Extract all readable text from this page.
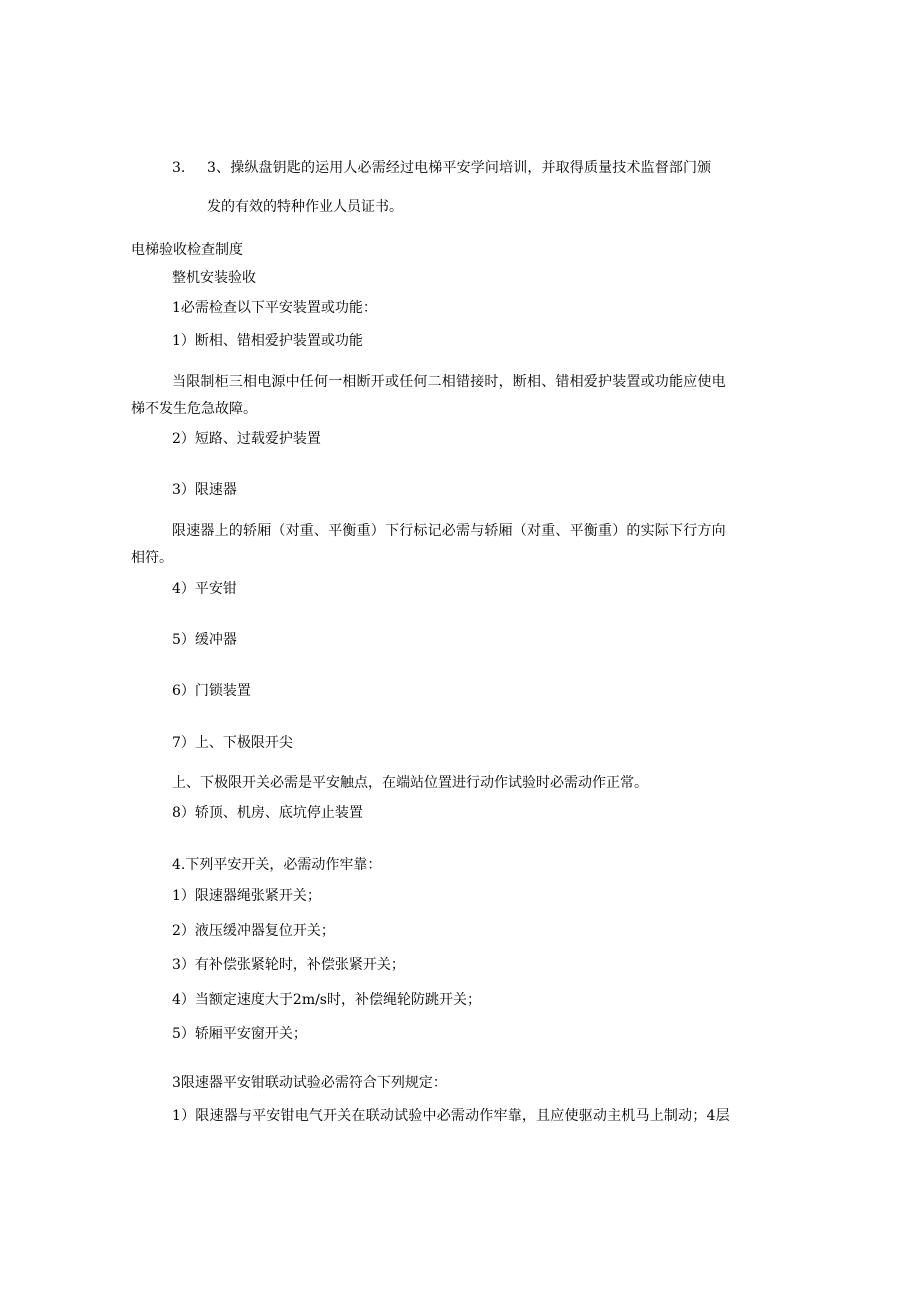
3. 3、操纵盘钥匙的运用人必需经过电梯平安学问培训，并取得质量技术监督部门颁
发的有效的特种作业人员证书。
电梯验收检查制度
整机安装验收
1必需检查以下平安装置或功能：
1）断相、错相爱护装置或功能
当限制柜三相电源中任何一相断开或任何二相错接时，断相、错相爱护装置或功能应使电
梯不发生危急故障。
2）短路、过载爱护装置
3）限速器
限速器上的轿厢（对重、平衡重）下行标记必需与轿厢（对重、平衡重）的实际下行方向
相符。
4）平安钳
5）缓冲器
6）门锁装置
7）上、下极限开尖
上、下极限开关必需是平安触点，在端站位置进行动作试验时必需动作正常。
8）轿顶、机房、底坑停止装置
4.下列平安开关，必需动作牢靠：
1）限速器绳张紧开关；
2）液压缓冲器复位开关；
3）有补偿张紧轮时，补偿张紧开关；
4）当额定速度大于2m∕s时，补偿绳轮防跳开关；
5）轿厢平安窗开关；
3限速器平安钳联动试验必需符合下列规定：
1）限速器与平安钳电气开关在联动试验中必需动作牢靠，且应使驱动主机马上制动；4层
